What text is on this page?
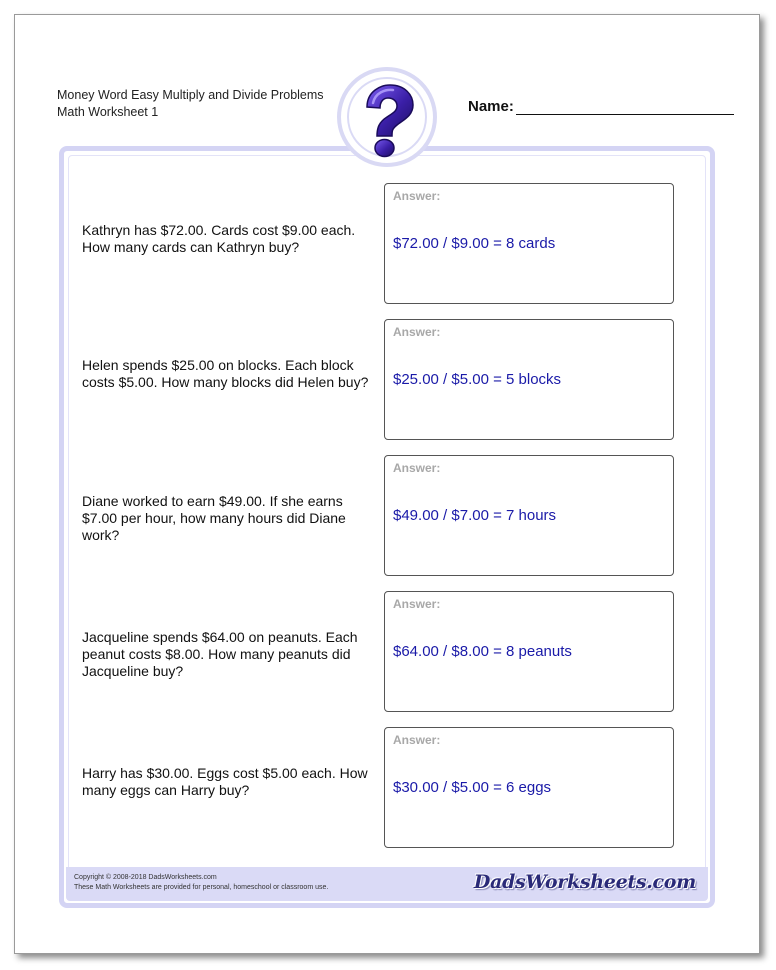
Money Word Easy Multiply and Divide Problems
Math Worksheet 1	Name:
Kathryn has $72.00. Cards cost $9.00 each. How many cards can Kathryn buy?
Answer:
$72.00 / $9.00 = 8 cards
Helen spends $25.00 on blocks. Each block costs $5.00. How many blocks did Helen buy?
Answer:
$25.00 / $5.00 = 5 blocks
Diane worked to earn $49.00. If she earns $7.00 per hour, how many hours did Diane work?
Answer:
$49.00 / $7.00 = 7 hours
Jacqueline spends $64.00 on peanuts. Each peanut costs $8.00. How many peanuts did Jacqueline buy?
Answer:
$64.00 / $8.00 = 8 peanuts
Harry has $30.00. Eggs cost $5.00 each. How many eggs can Harry buy?
Answer:
$30.00 / $5.00 = 6 eggs
Copyright © 2008-2018 DadsWorksheets.com
These Math Worksheets are provided for personal, homeschool or classroom use.	DadsWorksheets.com
